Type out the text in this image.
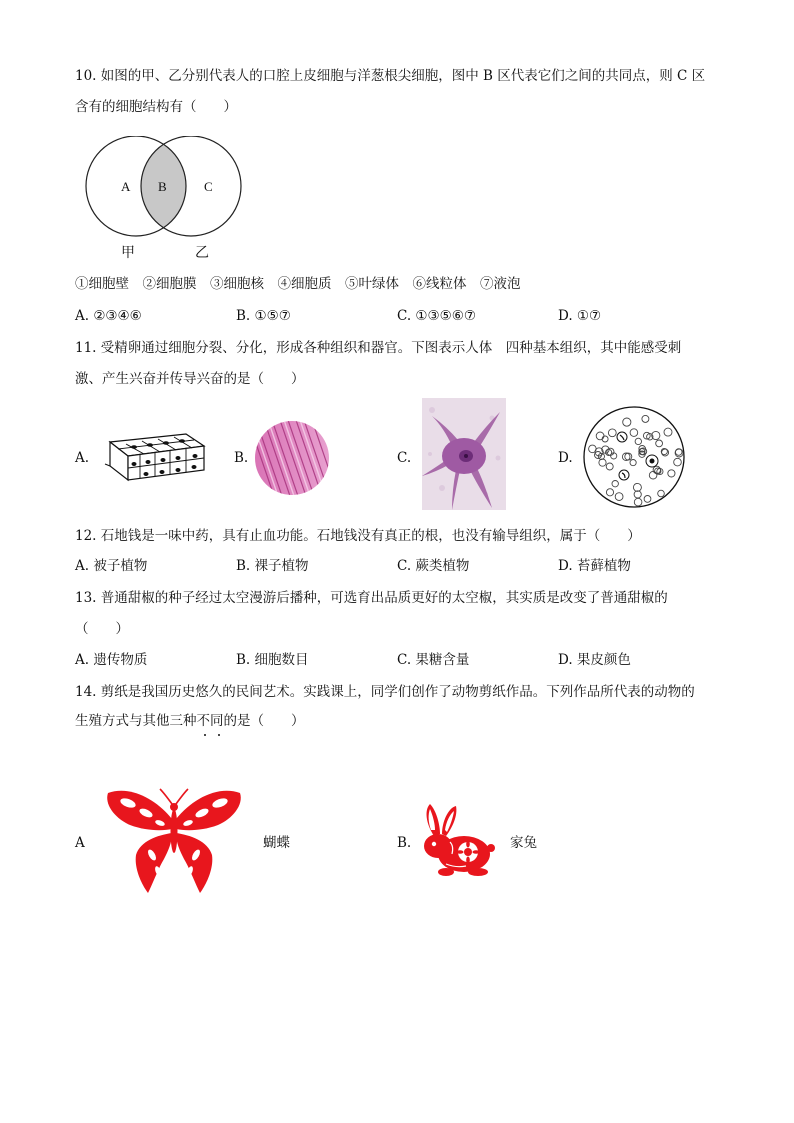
10. 如图的甲、乙分别代表人的口腔上皮细胞与洋葱根尖细胞，图中 B 区代表它们之间的共同点，则 C 区
含有的细胞结构有（　　）
A B	C
甲	乙
①细胞壁　②细胞膜　③细胞核　④细胞质　⑤叶绿体　⑥线粒体　⑦液泡
A. ②③④⑥	B. ①⑤⑦	C. ①③⑤⑥⑦	D. ①⑦
11. 受精卵通过细胞分裂、分化，形成各种组织和器官。下图表示人体　四种基本组织，其中能感受刺
激、产生兴奋并传导兴奋的是（　　）
A.	B.	C.	D.
12. 石地钱是一味中药，具有止血功能。石地钱没有真正的根，也没有输导组织，属于（　　）
A. 被子植物	B. 裸子植物	C. 蕨类植物	D. 苔藓植物
13. 普通甜椒的种子经过太空漫游后播种，可选育出品质更好的太空椒，其实质是改变了普通甜椒的
（　　）
A. 遗传物质	B. 细胞数目	C. 果糖含量	D. 果皮颜色
14. 剪纸是我国历史悠久的民间艺术。实践课上，同学们创作了动物剪纸作品。下列作品所代表的动物的
生殖方式与其他三种不同的是（　　）
A	蝴蝶	B.	家兔
